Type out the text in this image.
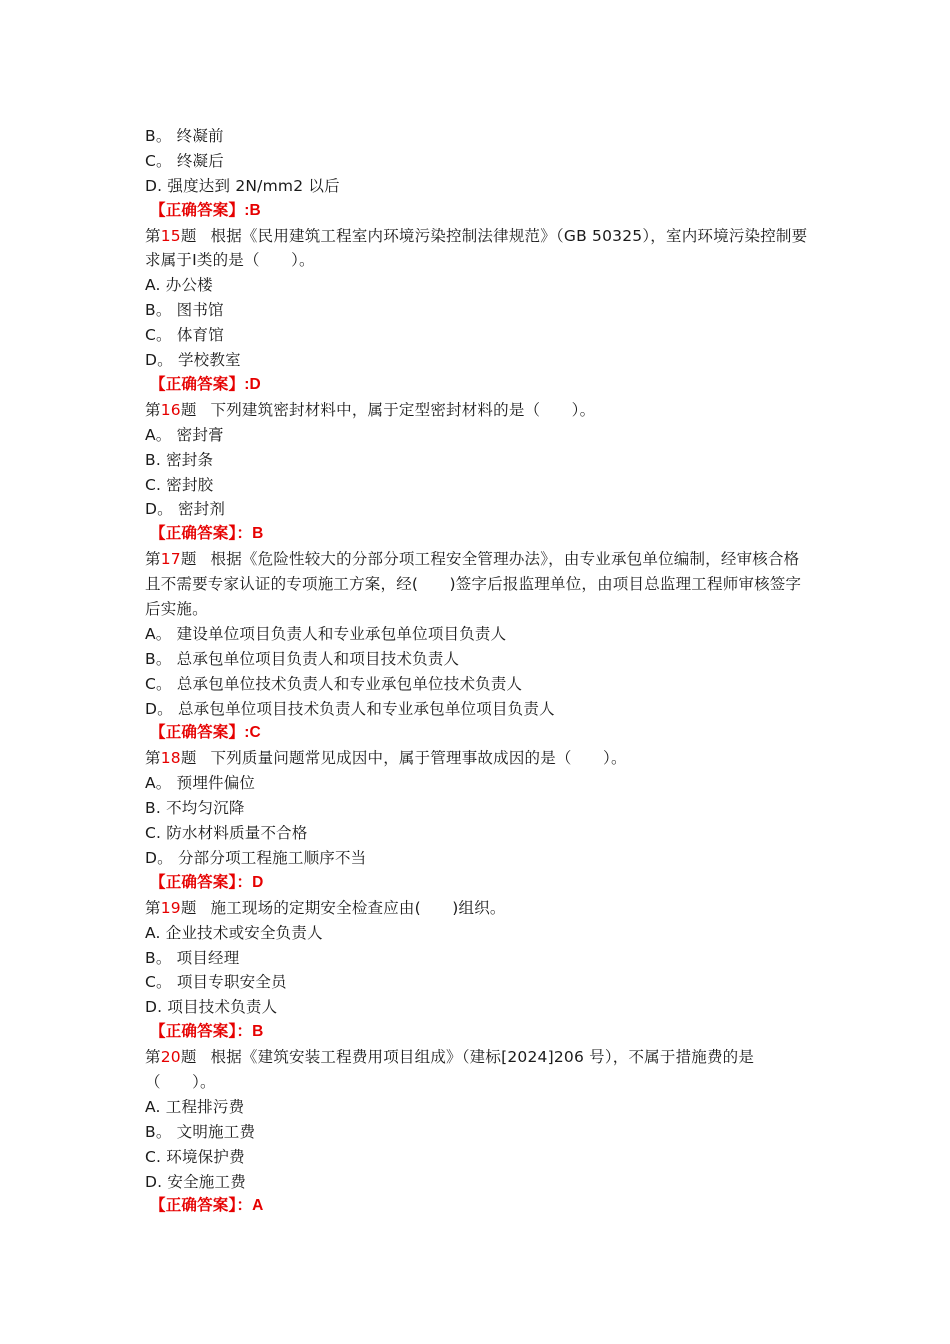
B。 终凝前
C。 终凝后
D. 强度达到 2N/mm2 以后
【正确答案】:B
第15题 根据《民用建筑工程室内环境污染控制法律规范》（GB 50325），室内环境污染控制要求属于Ⅰ类的是（　　）。
A. 办公楼
B。 图书馆
C。 体育馆
D。 学校教室
【正确答案】:D
第16题 下列建筑密封材料中，属于定型密封材料的是（　　）。
A。 密封膏
B. 密封条
C. 密封胶
D。 密封剂
【正确答案】：B
第17题 根据《危险性较大的分部分项工程安全管理办法》，由专业承包单位编制，经审核合格且不需要专家认证的专项施工方案，经(　　)签字后报监理单位，由项目总监理工程师审核签字后实施。
A。 建设单位项目负责人和专业承包单位项目负责人
B。 总承包单位项目负责人和项目技术负责人
C。 总承包单位技术负责人和专业承包单位技术负责人
D。 总承包单位项目技术负责人和专业承包单位项目负责人
【正确答案】:C
第18题 下列质量问题常见成因中，属于管理事故成因的是（　　）。
A。 预埋件偏位
B. 不均匀沉降
C. 防水材料质量不合格
D。 分部分项工程施工顺序不当
【正确答案】：D
第19题 施工现场的定期安全检查应由(　　)组织。
A. 企业技术或安全负责人
B。 项目经理
C。 项目专职安全员
D. 项目技术负责人
【正确答案】：B
第20题 根据《建筑安装工程费用项目组成》（建标[2024]206 号），不属于措施费的是（　　）。
A. 工程排污费
B。 文明施工费
C. 环境保护费
D. 安全施工费
【正确答案】：A
